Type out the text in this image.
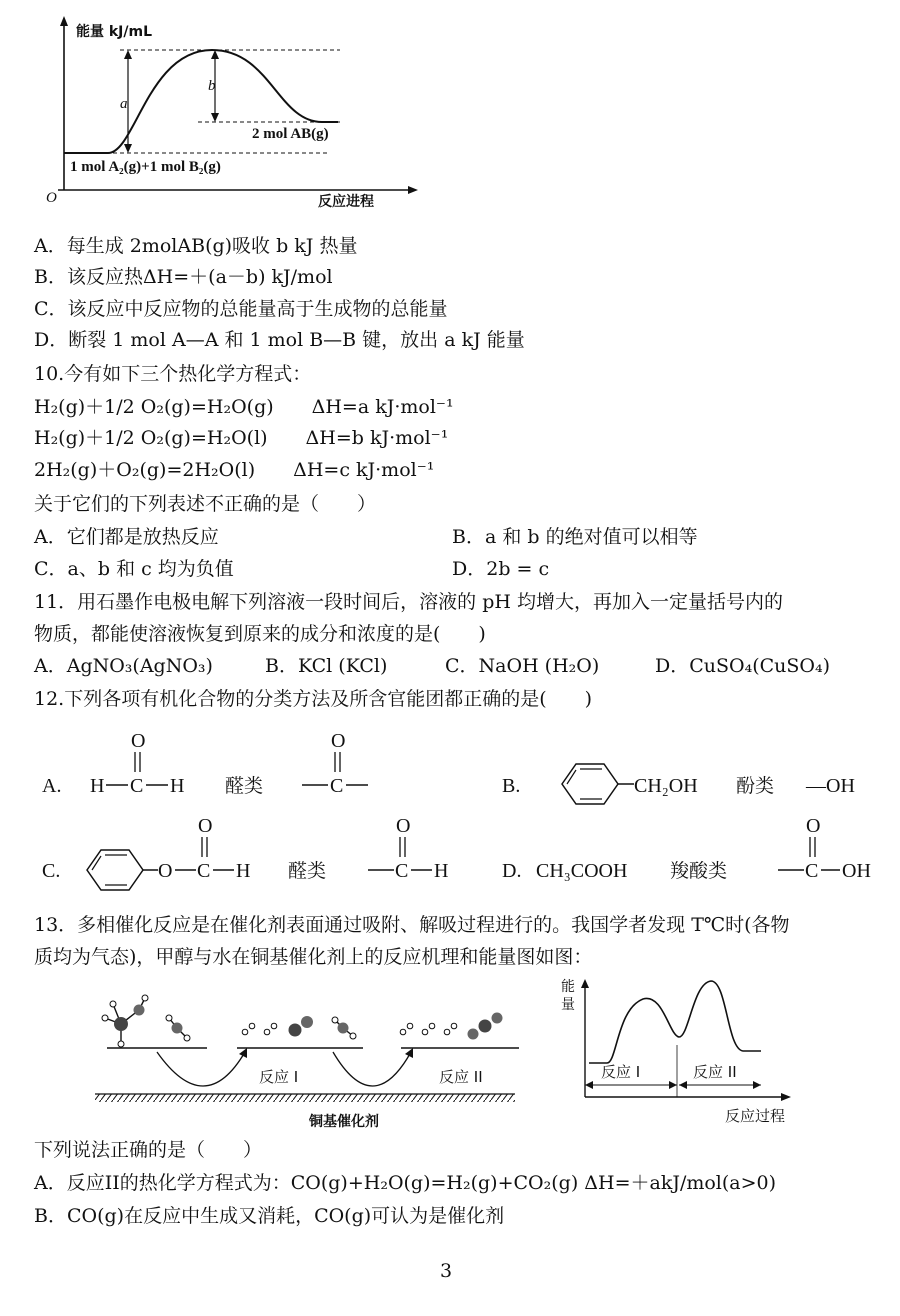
能量 kJ/mL
O	反应进程
a
b
2 mol AB(g)
1 mol A₂(g)+1 mol B₂(g)
A．每生成 2molAB(g)吸收 b kJ 热量
B．该反应热ΔH=＋(a－b) kJ/mol
C．该反应中反应物的总能量高于生成物的总能量
D．断裂 1 mol A—A 和 1 mol B—B 键，放出 a kJ 能量
10.今有如下三个热化学方程式：
H₂(g)＋1/2 O₂(g)=H₂O(g)　　ΔH=a kJ·mol⁻¹
H₂(g)＋1/2 O₂(g)=H₂O(l)　　ΔH=b kJ·mol⁻¹
2H₂(g)＋O₂(g)=2H₂O(l)　　ΔH=c kJ·mol⁻¹
关于它们的下列表述不正确的是（　　）
A．它们都是放热反应	B．a 和 b 的绝对值可以相等
C．a、b 和 c 均为负值	D．2b = c
11．用石墨作电极电解下列溶液一段时间后，溶液的 pH 均增大，再加入一定量括号内的
物质，都能使溶液恢复到原来的成分和浓度的是(　　)
A．AgNO₃(AgNO₃)	B．KCl (KCl)	C．NaOH (H₂O)	D．CuSO₄(CuSO₄)
12.下列各项有机化合物的分类方法及所含官能团都正确的是(　　)
A. H C H
O
醛类	C
O
B.	CH₂OH 酚类 —OH
C.	O C H
O
醛类	C H
O
D. CH₃COOH 羧酸类	C OH
O
13．多相催化反应是在催化剂表面通过吸附、解吸过程进行的。我国学者发现 T℃时(各物
质均为气态)，甲醇与水在铜基催化剂上的反应机理和能量图如图：
反应 I	反应 II
铜基催化剂
能
量
反应 I	反应 II
反应过程
下列说法正确的是（　　）
A．反应II的热化学方程式为：CO(g)+H₂O(g)=H₂(g)+CO₂(g) ΔH=＋akJ/mol(a>0)
B．CO(g)在反应中生成又消耗，CO(g)可认为是催化剂
3
